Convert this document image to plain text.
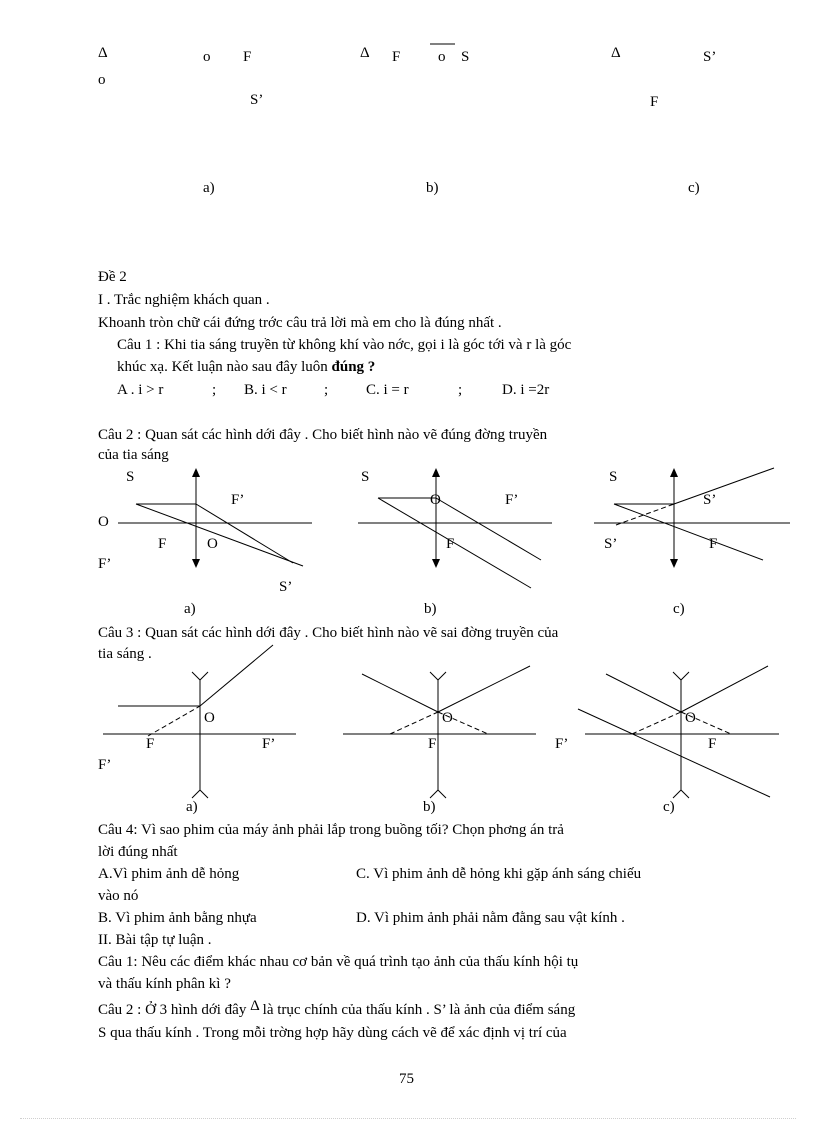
Δ	o F
o
S’
a)
Δ F	o S
b)
Δ	S’
F
c)
Đề 2
I . Trắc nghiệm khách quan .
Khoanh tròn chữ cái đứng trớc câu trả lời mà em cho là đúng nhất .
Câu 1 : Khi tia sáng truyền từ không khí vào nớc, gọi i là góc tới và r là góc
khúc xạ. Kết luận nào sau đây luôn đúng ?
A . i > r	; B. i < r ;	C. i = r	;	D. i =2r
Câu 2 : Quan sát các hình dới đây . Cho biết hình nào vẽ đúng đờng truyền
của tia sáng
S
F’
O
F	O
F’
S’
a)
S
O	F’
F
b)
S
S’
S’	F
c)
Câu 3 : Quan sát các hình dới đây . Cho biết hình nào vẽ sai đờng truyền của
tia sáng .
O
F	F’
F’
a)
O
F
b)
F’
O
F
c)
Câu 4: Vì sao phim của máy ảnh phải lắp trong buồng tối? Chọn phơng án trả
lời đúng nhất
A.Vì phim ảnh dễ hỏng	C. Vì phim ảnh dễ hỏng khi gặp ánh sáng chiếu
vào nó
B. Vì phim ảnh bằng nhựa	D. Vì phim ảnh phải nằm đằng sau vật kính .
II. Bài tập tự luận .
Câu 1: Nêu các điểm khác nhau cơ bản về quá trình tạo ảnh của thấu kính hội tụ
và thấu kính phân kì ?
Câu 2 : Ở 3 hình dới đây Δ là trục chính của thấu kính . S’ là ảnh của điểm sáng
S qua thấu kính . Trong mỗi trờng hợp hãy dùng cách vẽ để xác định vị trí của
75
